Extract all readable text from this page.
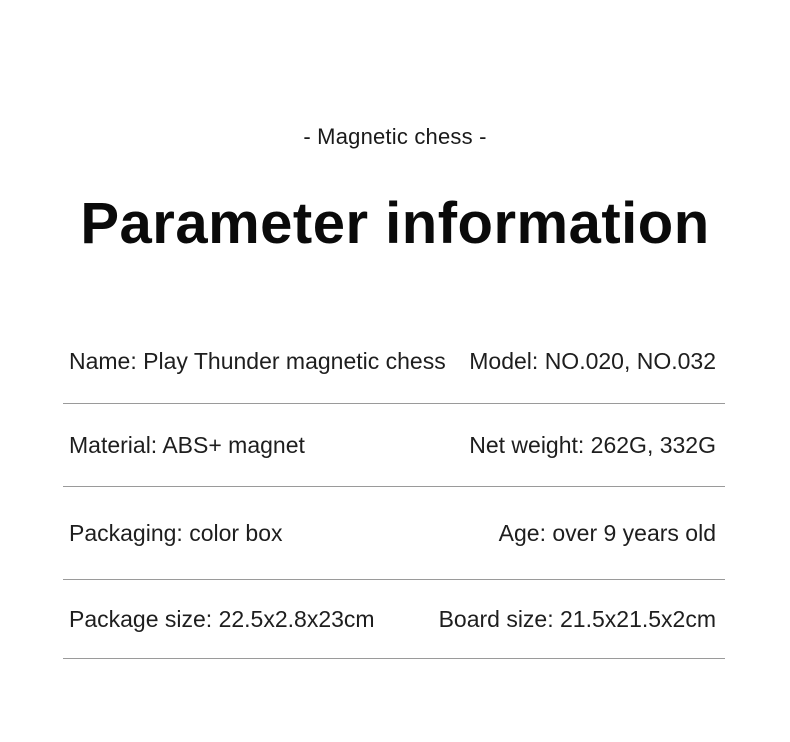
- Magnetic chess -
Parameter information
Name: Play Thunder magnetic chess Model: NO.020, NO.032
Material: ABS+ magnet	Net weight: 262G, 332G
Packaging: color box	Age: over 9 years old
Package size: 22.5x2.8x23cm	Board size: 21.5x21.5x2cm
